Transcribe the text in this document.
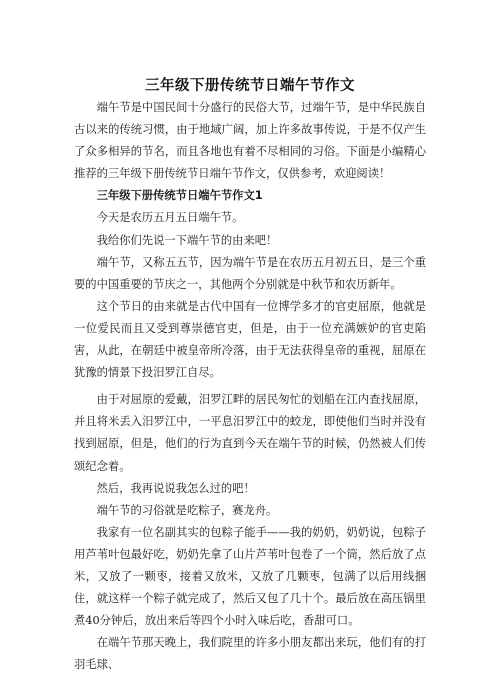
三年级下册传统节日端午节作文

端午节是中国民间十分盛行的民俗大节，过端午节，是中华民族自古以来的传统习惯，由于地域广阔，加上许多故事传说，于是不仅产生了众多相异的节名，而且各地也有着不尽相同的习俗。下面是小编精心推荐的三年级下册传统节日端午节作文，仅供参考，欢迎阅读！

三年级下册传统节日端午节作文1

今天是农历五月五日端午节。

我给你们先说一下端午节的由来吧！

端午节，又称五五节，因为端午节是在农历五月初五日，是三个重要的中国重要的节庆之一，其他两个分别就是中秋节和农历新年。

这个节日的由来就是古代中国有一位博学多才的官吏屈原，他就是一位爱民而且又受到尊崇德官吏，但是，由于一位充满嫉妒的官吏陷害，从此，在朝廷中被皇帝所冷落，由于无法获得皇帝的重视，屈原在犹豫的情景下投汨罗江自尽。

由于对屈原的爱戴，汨罗江畔的居民匆忙的划船在江内查找屈原，并且将米丢入汨罗江中，一平息汨罗江中的蛟龙，即使他们当时并没有找到屈原，但是，他们的行为直到今天在端午节的时候，仍然被人们传颂纪念着。

然后，我再说说我怎么过的吧！

端午节的习俗就是吃粽子，赛龙舟。

我家有一位名副其实的包粽子能手——我的奶奶，奶奶说，包粽子用芦苇叶包最好吃，奶奶先拿了山片芦苇叶包卷了一个筒，然后放了点米，又放了一颗枣，接着又放米，又放了几颗枣，包满了以后用线捆住，就这样一个粽子就完成了，然后又包了几十个。最后放在高压锅里煮40分钟后，放出来后等四个小时入味后吃，香甜可口。

在端午节那天晚上，我们院里的许多小朋友都出来玩，他们有的打羽毛球、
